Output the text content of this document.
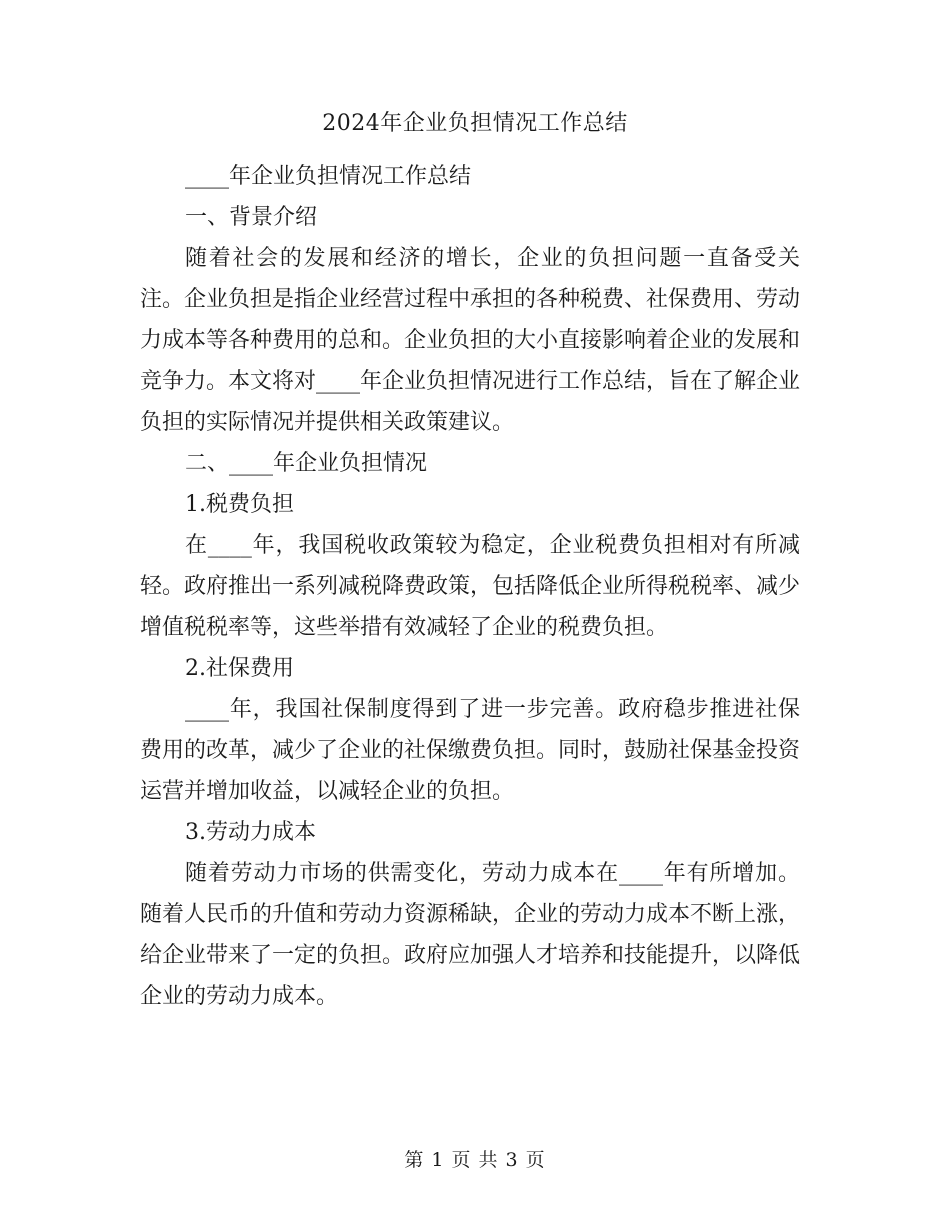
2024年企业负担情况工作总结

____年企业负担情况工作总结

一、背景介绍

随着社会的发展和经济的增长，企业的负担问题一直备受关注。企业负担是指企业经营过程中承担的各种税费、社保费用、劳动力成本等各种费用的总和。企业负担的大小直接影响着企业的发展和竞争力。本文将对____年企业负担情况进行工作总结，旨在了解企业负担的实际情况并提供相关政策建议。

二、____年企业负担情况

1.税费负担

在____年，我国税收政策较为稳定，企业税费负担相对有所减轻。政府推出一系列减税降费政策，包括降低企业所得税税率、减少增值税税率等，这些举措有效减轻了企业的税费负担。

2.社保费用

____年，我国社保制度得到了进一步完善。政府稳步推进社保费用的改革，减少了企业的社保缴费负担。同时，鼓励社保基金投资运营并增加收益，以减轻企业的负担。

3.劳动力成本

随着劳动力市场的供需变化，劳动力成本在____年有所增加。随着人民币的升值和劳动力资源稀缺，企业的劳动力成本不断上涨，给企业带来了一定的负担。政府应加强人才培养和技能提升，以降低企业的劳动力成本。

第 1 页 共 3 页
